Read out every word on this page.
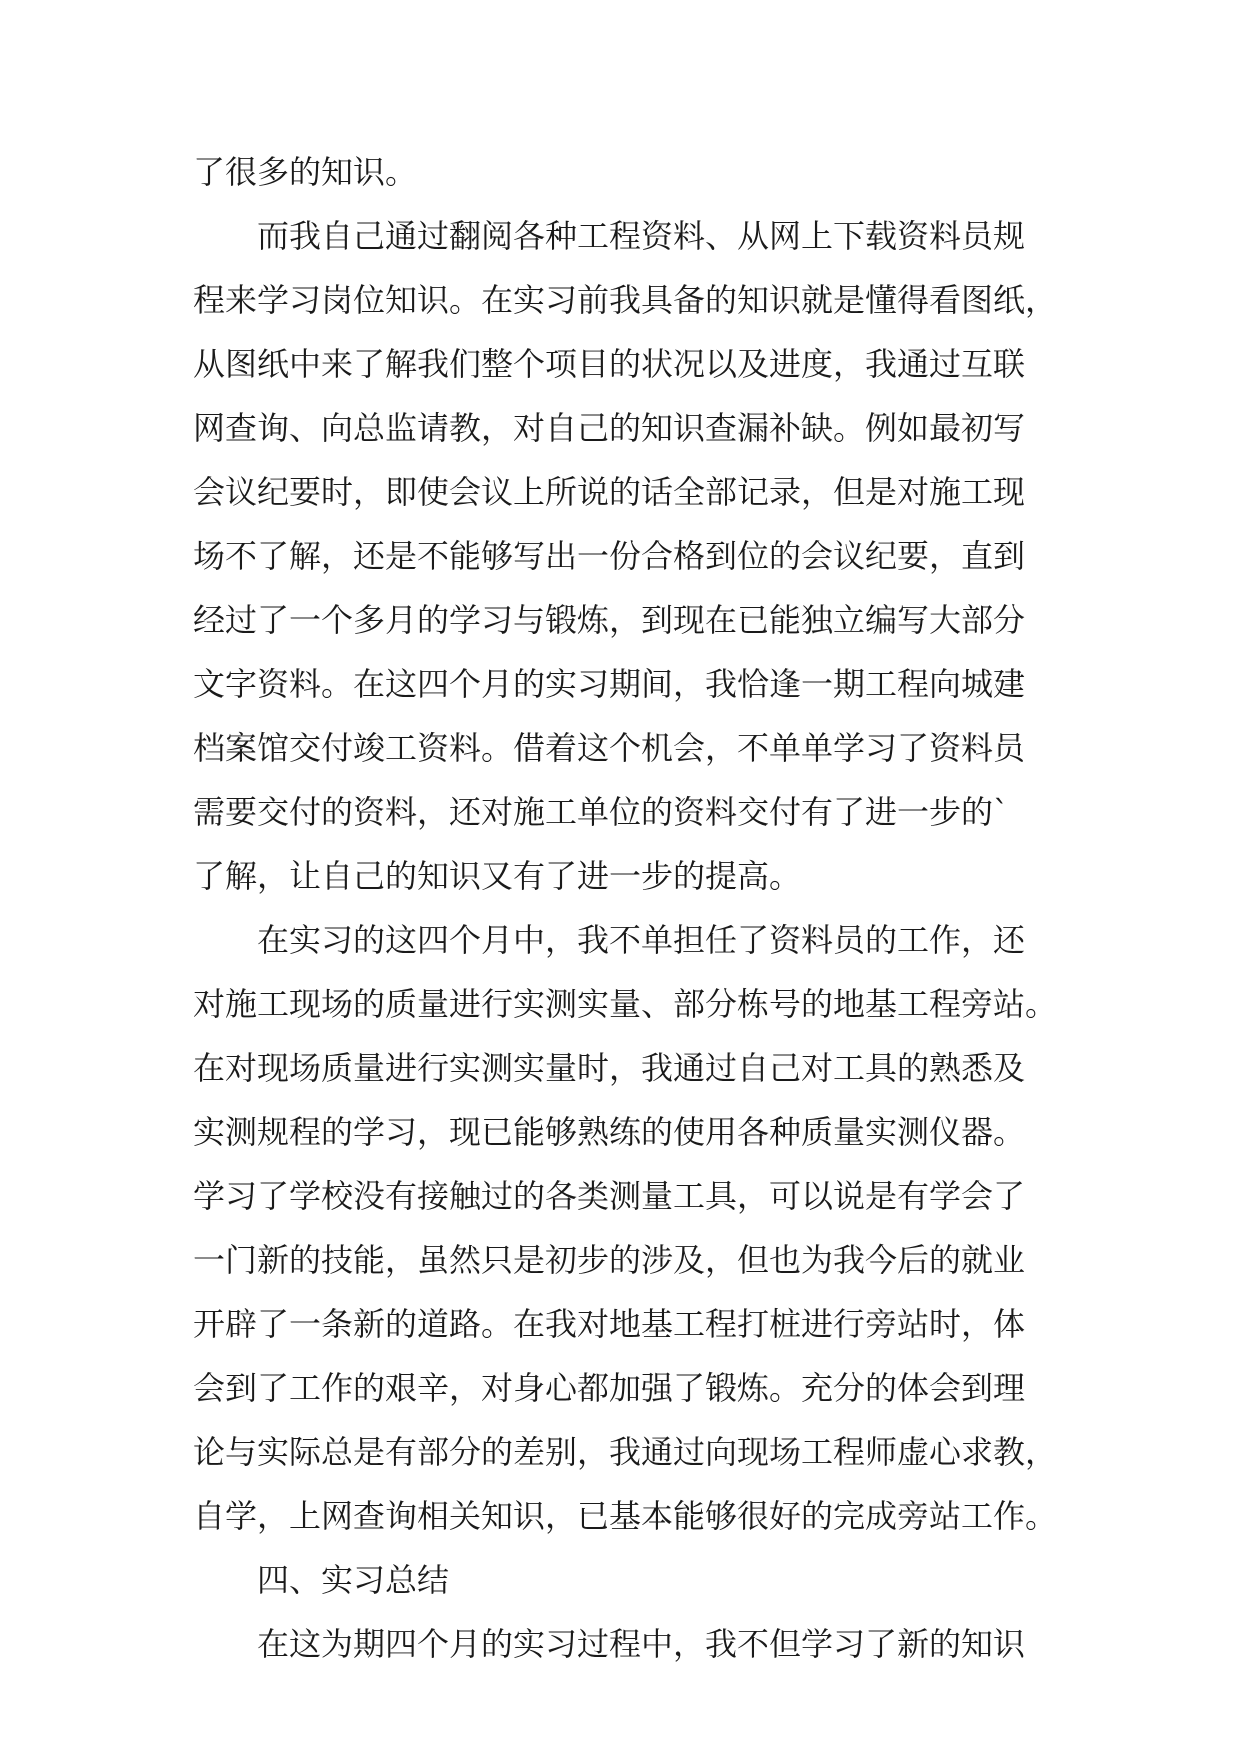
了很多的知识。
而我自己通过翻阅各种工程资料、从网上下载资料员规
程来学习岗位知识。在实习前我具备的知识就是懂得看图纸，
从图纸中来了解我们整个项目的状况以及进度，我通过互联
网查询、向总监请教，对自己的知识查漏补缺。例如最初写
会议纪要时，即使会议上所说的话全部记录，但是对施工现
场不了解，还是不能够写出一份合格到位的会议纪要，直到
经过了一个多月的学习与锻炼，到现在已能独立编写大部分
文字资料。在这四个月的实习期间，我恰逢一期工程向城建
档案馆交付竣工资料。借着这个机会，不单单学习了资料员
需要交付的资料，还对施工单位的资料交付有了进一步的`
了解，让自己的知识又有了进一步的提高。
在实习的这四个月中，我不单担任了资料员的工作，还
对施工现场的质量进行实测实量、部分栋号的地基工程旁站。
在对现场质量进行实测实量时，我通过自己对工具的熟悉及
实测规程的学习，现已能够熟练的使用各种质量实测仪器。
学习了学校没有接触过的各类测量工具，可以说是有学会了
一门新的技能，虽然只是初步的涉及，但也为我今后的就业
开辟了一条新的道路。在我对地基工程打桩进行旁站时，体
会到了工作的艰辛，对身心都加强了锻炼。充分的体会到理
论与实际总是有部分的差别，我通过向现场工程师虚心求教，
自学，上网查询相关知识，已基本能够很好的完成旁站工作。
四、实习总结
在这为期四个月的实习过程中，我不但学习了新的知识
